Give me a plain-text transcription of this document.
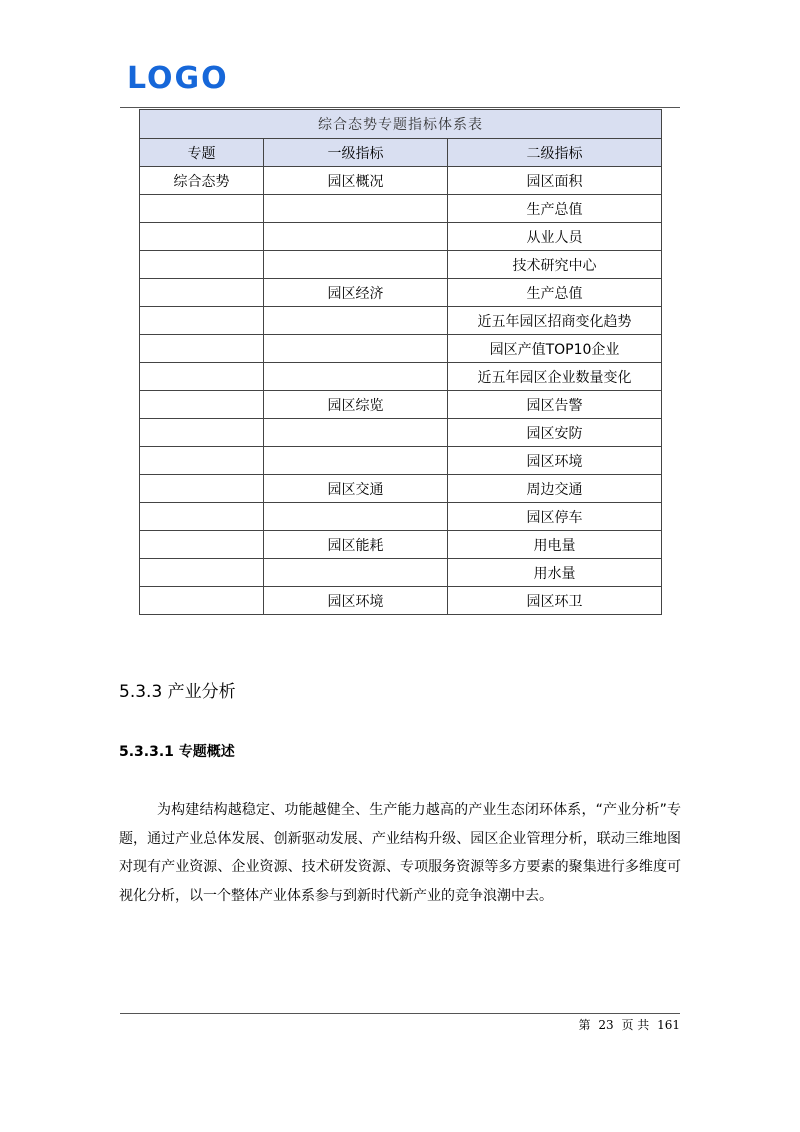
LOGO
综合态势专题指标体系表		
专题	一级指标	二级指标
综合态势	园区概况	园区面积
		生产总值
		从业人员
		技术研究中心
	园区经济	生产总值
		近五年园区招商变化趋势
		园区产值TOP10企业
		近五年园区企业数量变化
	园区综览	园区告警
		园区安防
		园区环境
	园区交通	周边交通
		园区停车
	园区能耗	用电量
		用水量
	园区环境	园区环卫
5.3.3 产业分析
5.3.3.1 专题概述

为构建结构越稳定、功能越健全、生产能力越高的产业生态闭环体系，“产业分析”专题，通过产业总体发展、创新驱动发展、产业结构升级、园区企业管理分析，联动三维地图对现有产业资源、企业资源、技术研发资源、专项服务资源等多方要素的聚集进行多维度可视化分析，以一个整体产业体系参与到新时代新产业的竞争浪潮中去。

第 23 页 共 161
